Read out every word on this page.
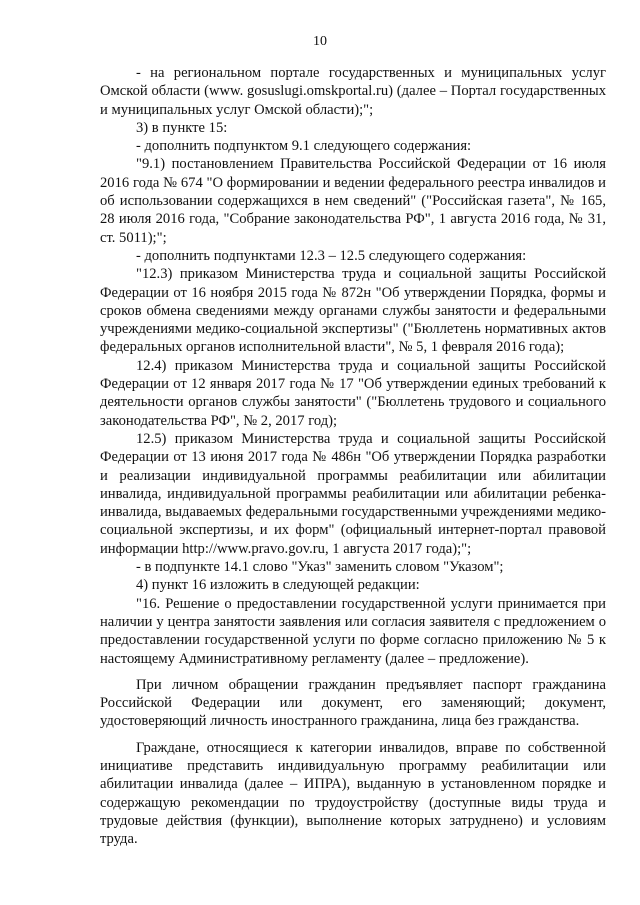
10

- на региональном портале государственных и муниципальных услуг Омской области (www. gosuslugi.omskportal.ru) (далее – Портал государственных и муниципальных услуг Омской области);";

3) в пункте 15:

- дополнить подпунктом 9.1 следующего содержания:

"9.1) постановлением Правительства Российской Федерации от 16 июля 2016 года № 674 "О формировании и ведении федерального реестра инвалидов и об использовании содержащихся в нем сведений" ("Российская газета", № 165, 28 июля 2016 года, "Собрание законодательства РФ", 1 августа 2016 года, № 31, ст. 5011);";

- дополнить подпунктами 12.3 – 12.5 следующего содержания:

"12.3) приказом Министерства труда и социальной защиты Российской Федерации от 16 ноября 2015 года № 872н "Об утверждении Порядка, формы и сроков обмена сведениями между органами службы занятости и федеральными учреждениями медико-социальной экспертизы" ("Бюллетень нормативных актов федеральных органов исполнительной власти", № 5, 1 февраля 2016 года);

12.4) приказом Министерства труда и социальной защиты Российской Федерации от 12 января 2017 года № 17 "Об утверждении единых требований к деятельности органов службы занятости" ("Бюллетень трудового и социального законодательства РФ", № 2, 2017 год);

12.5) приказом Министерства труда и социальной защиты Российской Федерации от 13 июня 2017 года № 486н "Об утверждении Порядка разработки и реализации индивидуальной программы реабилитации или абилитации инвалида, индивидуальной программы реабилитации или абилитации ребенка-инвалида, выдаваемых федеральными государственными учреждениями медико-социальной экспертизы, и их форм" (официальный интернет-портал правовой информации http://www.pravo.gov.ru, 1 августа 2017 года);";

- в подпункте 14.1 слово "Указ" заменить словом "Указом";

4) пункт 16 изложить в следующей редакции:

"16. Решение о предоставлении государственной услуги принимается при наличии у центра занятости заявления или согласия заявителя с предложением о предоставлении государственной услуги по форме согласно приложению № 5 к настоящему Административному регламенту (далее – предложение).

При личном обращении гражданин предъявляет паспорт гражданина Российской Федерации или документ, его заменяющий; документ, удостоверяющий личность иностранного гражданина, лица без гражданства.

Граждане, относящиеся к категории инвалидов, вправе по собственной инициативе представить индивидуальную программу реабилитации или абилитации инвалида (далее – ИПРА), выданную в установленном порядке и содержащую рекомендации по трудоустройству (доступные виды труда и трудовые действия (функции), выполнение которых затруднено) и условиям труда.
